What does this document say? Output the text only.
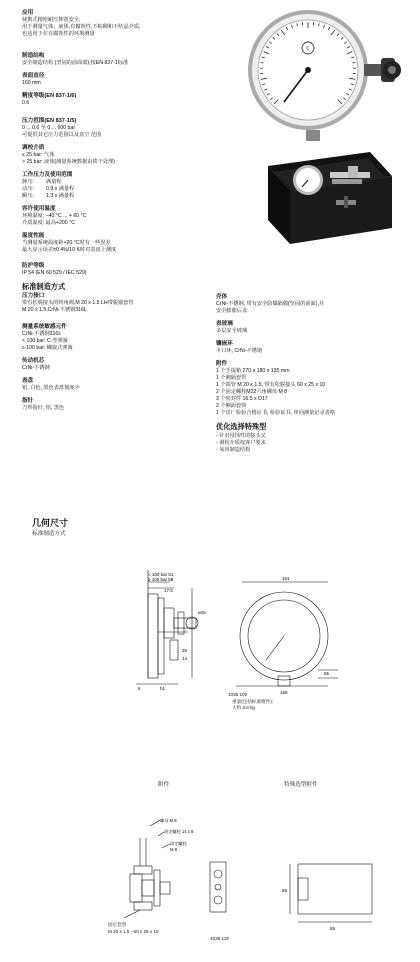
应用
使携式精密耐压抑震安全,
用于测量气体、液体,有腐蚀性,不粘稠和不结晶介质,
也适用于在有腐蚀性的环境测量
制造结构
安全制造结构 (坚固的前面部),按EN 837-1标准
表面直径
160 mm
精度等级(EN 837-1/6)
0.6
压力范围(EN 837-1/5)
0 ... 0.6 至 0 ... 600 bar
可提供其它压力范围以及真空 范围
调校介质
≤ 25 bar: 气体
> 25 bar: 液体(测量系统数据由铁干处理)
工作压力及使用范围
静压: 满量程
动压: 0.9 x 满量程
瞬压: 1.3 x 满量程
容许使用温度
环境温度: −40 °C ... + 60 °C
介质温度: 最高+200 °C
温度性能
当测量系统温度距+20 °C时有一些误差
最大显示误差±0.4%/10 K时对表盘上测度
防护等级
IP 54 (EN 60 529 / IEC 529)
标准制造方式
压力接口
带有松脱接头的终角阀,M 20 x 1.5 LH带脱锚套管
M 20 x 1.5,CrNi-不锈钢316L
测量系统敏感元件
CrNi-不锈钢316L
< 100 bar: C-型弹簧
≥ 100 bar: 螺旋式弹簧
传动机芯
CrNi-不锈钢
表盘
铝, 白色, 黑色表盘刻度字
指针
刀形指针, 铝, 黑色
壳体
CrNi-不锈钢, 带有安全防爆隔膜(坚固的前面),并
安全膨胀后盖
表玻璃
多层安全玻璃
镶嵌环
卡口环, CrNi-不锈钢
附件
1 个手提箱 270 x 180 x 135 mm
1 个测隔套管
1 个端管 M 20 x 1.5, 带有松脱接头 60 x 25 x 10
2 个固定螺栓M22六角螺母 M 8
3 个密封件 16.5 x D17
2 个侧面套筒
1 个出厂检验合格证书, 检验证书, 单向测量记录表格
优化选择特殊型
- 针对侵蚀性的接头又
- 调校介质按客户要求
- 氧用制造结构
C
几何尺寸
标准制造方式
< 100 bar 51
≥ 100 bar 58
17.5
ø15
25
14
6	h1
161
150
55
1035 100
重量(包括标准附件):
大约 3.8 kg
附件	特殊选型附件
螺母 M 8
固定螺栓 14 x 8
固定螺栓
M 8
固定套管
M 20 x 1.5 - 60 x 25 x 10
1035 118
56
55
